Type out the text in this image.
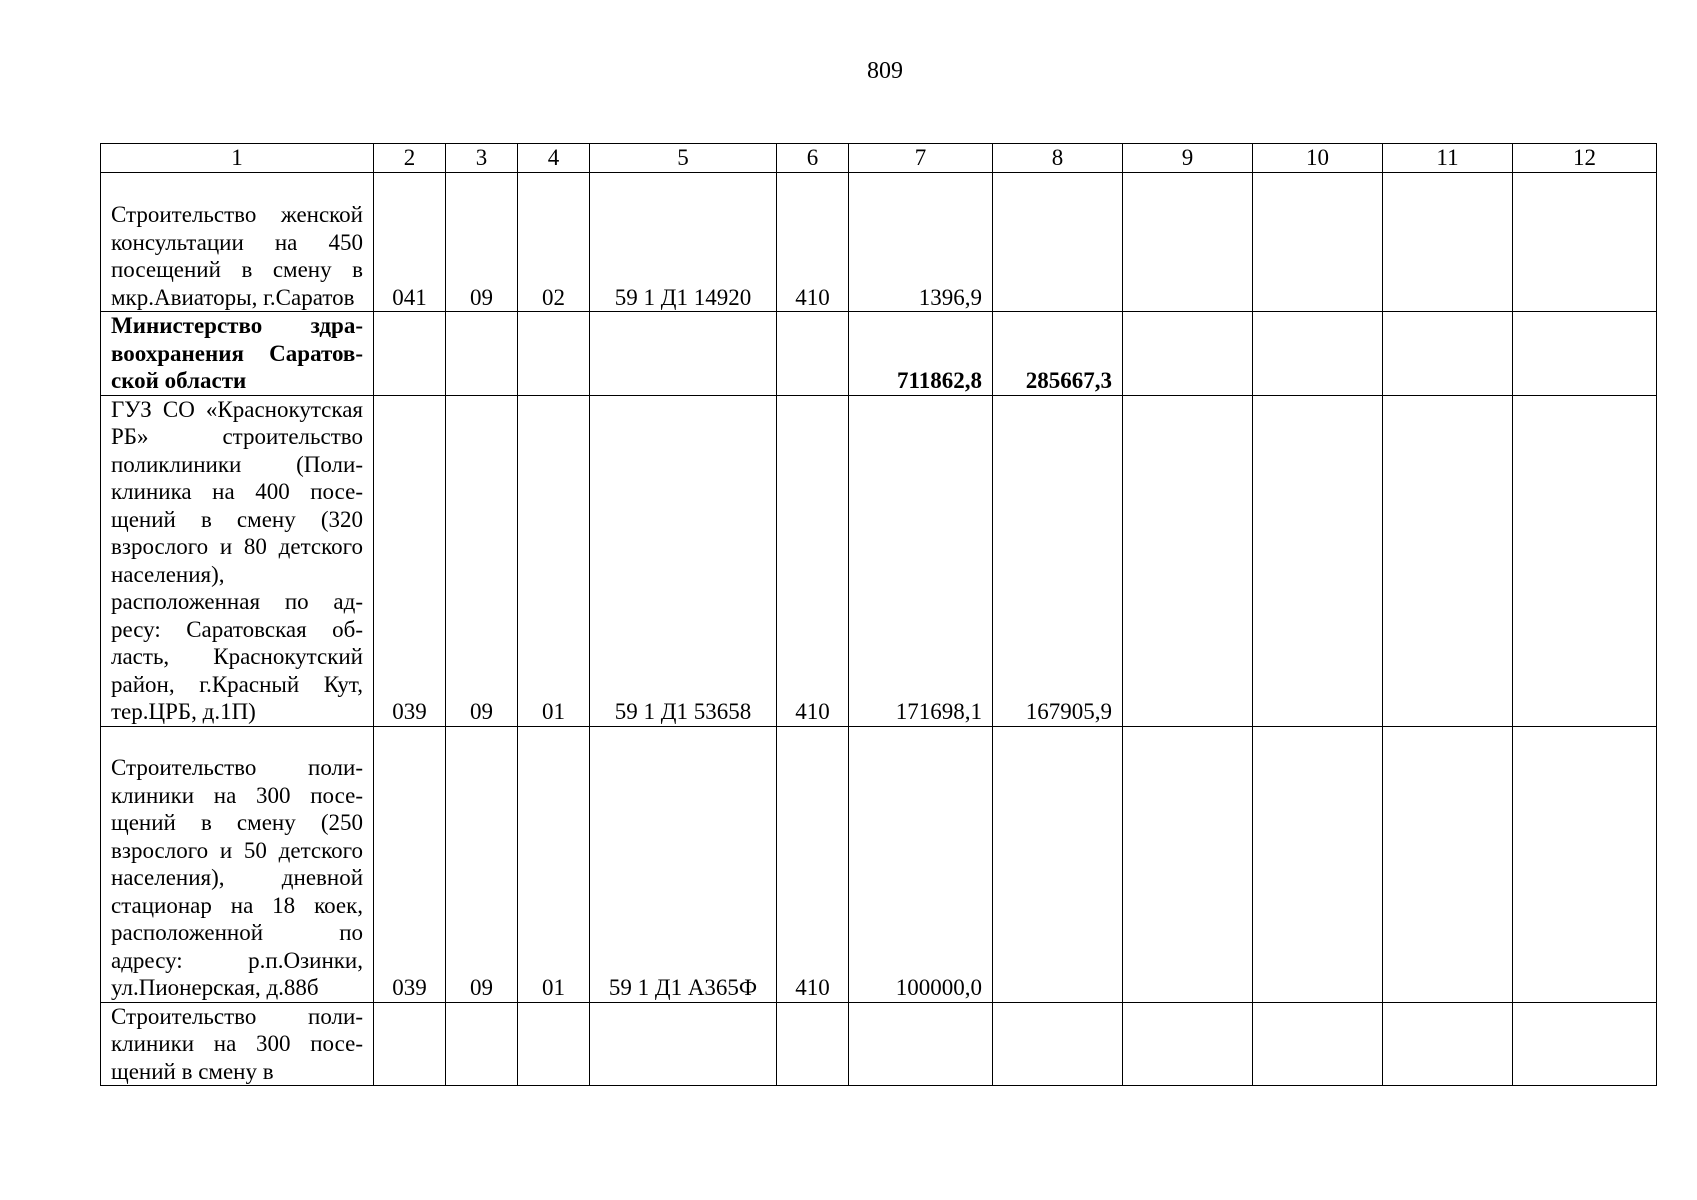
809
1	2	3	4	5	6	7	8	9	10	11	12
Строительство женской консультации на 450 посещений в смену в мкр.Авиаторы, г.Саратов	041	09	02	59 1 Д1 14920	410	1396,9					
Министерство здравоохранения Саратовской области						711862,8	285667,3				
ГУЗ СО «Краснокутская РБ» строительство поликлиники (Поликлиника на 400 посещений в смену (320 взрослого и 80 детского населения), расположенная по адресу: Саратовская область, Краснокутский район, г.Красный Кут, тер.ЦРБ, д.1П)	039	09	01	59 1 Д1 53658	410	171698,1	167905,9				
Строительство поликлиники на 300 посещений в смену (250 взрослого и 50 детского населения), дневной стационар на 18 коек, расположенной по адресу: р.п.Озинки, ул.Пионерская, д.88б	039	09	01	59 1 Д1 А365Ф	410	100000,0					
Строительство поликлиники на 300 посещений в смену в											
